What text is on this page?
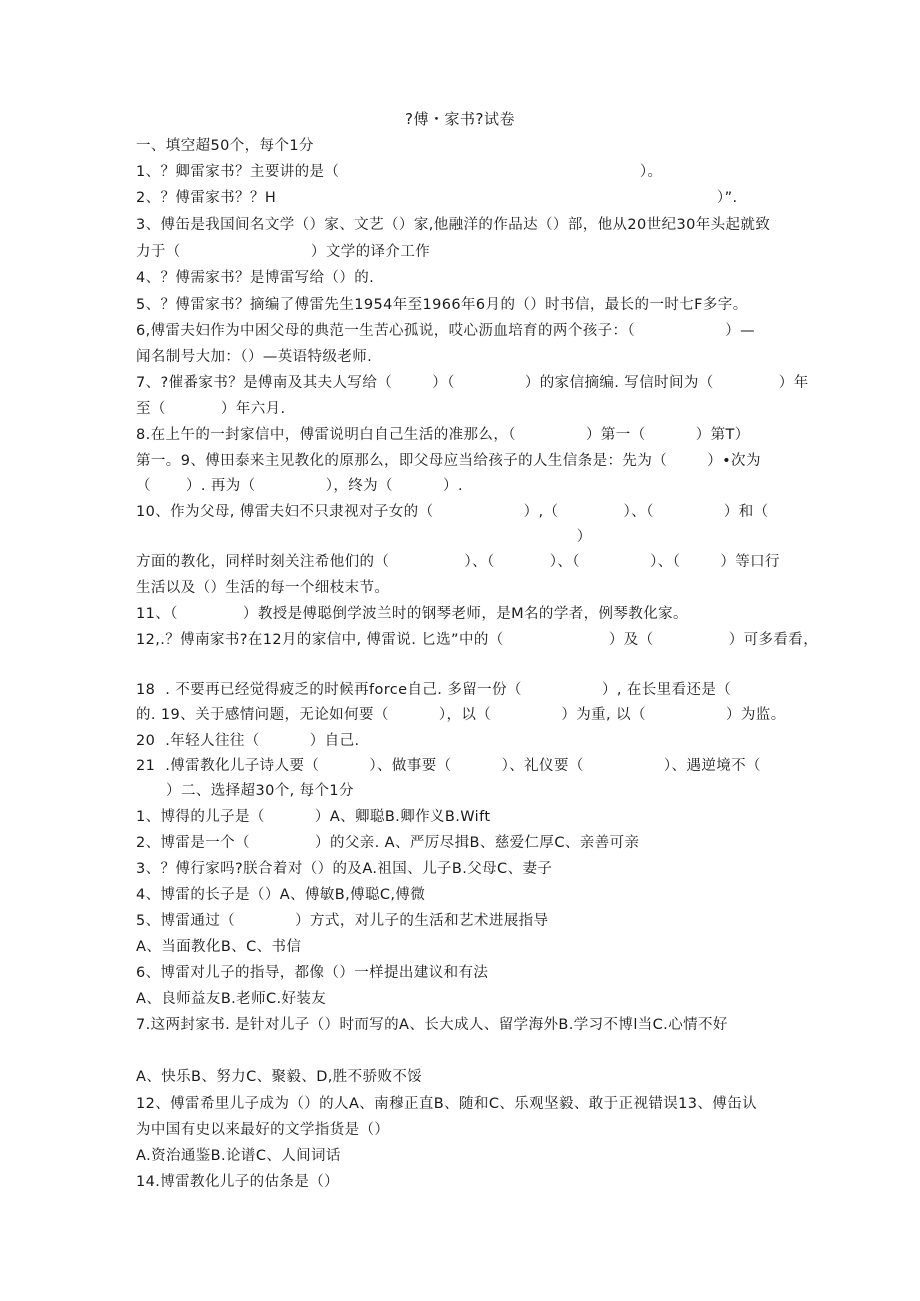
?傅・家书?试卷
一、填空超50个，每个1分
1、？卿雷家书？主要讲的是（                                                            ）。
2、？傅雷家书？？H                                                                                        ）”.
3、傅缶是我国间名文学（）家、文艺（）家,他融洋的作品达（）部，他从20世纪30年头起就致
力于（                          ）文学的译介工作
4、？傅需家书？是博雷写给（）的.
5、？傅雷家书？摘编了傅雷先生1954年至1966年6月的（）时书信，最长的一时七F多字。
6,傅雷夫妇作为中困父母的典范一生苦心孤说，哎心沥血培育的两个孩子：（                  ）—
闻名制号大加：（）—英语特级老师.
7、?催番家书？是傅南及其夫人写给（        ）（              ）的家信摘编. 写信时间为（             ）年
至（           ）年六月.
8.在上午的一封家信中，傅雷说明白自己生活的准那么，（              ）第一（          ）第T）
第一。9、傅田泰来主见教化的原那么，即父母应当给孩子的人生信条是：先为（        ）•次为
（       ）. 再为（              ），终为（          ）.
10、作为父母, 傅雷夫妇不只隶视对子女的（                  ）,（             ）、（              ）和（
）
方面的教化，同样时刻关注希他们的（               ）、（           ）、（              ）、（        ）等口行
生活以及（）生活的每一个细枝末节。
11、（             ）教授是傅聪倒学波兰时的钢琴老师，是M名的学者，例琴教化家。
12,.？傅南家书?在12月的家信中, 傅雷说. 匕选”中的（                     ）及（               ）可多看看，
18  . 不要再已经觉得疲乏的时候再force自己. 多留一份（                ）, 在长里看还是（
的. 19、关于感情问题，无论如何要（          ），以（              ）为重, 以（                ）为监。
20  .年轻人往往（          ）自己.
21  .傅雷教化儿子诗人要（          ）、做事要（          ）、礼仪要（                ）、遇逆境不（
）二、选择超30个, 每个1分
1、博得的儿子是（          ）A、卿聪B.卿作义B.Wift
2、博雷是一个（             ）的父亲. A、严厉尽揖B、慈爱仁厚C、亲善可亲
3、？傅行家吗?朕合着对（）的及A.祖国、儿子B.父母C、妻子
4、博雷的长子是（）A、傅敏B,傅聪C,傅微
5、博雷通过（            ）方式，对儿子的生活和艺术进展指导
A、当面教化B、C、书信
6、博雷对儿子的指导，都像（）一样提出建议和有法
A、良师益友B.老师C.好装友
7.这两封家书. 是针对儿子（）时而写的A、长大成人、留学海外B.学习不博l当C.心情不好
A、快乐B、努力C、聚毅、D,胜不骄败不馁
12、傅雷希里儿子成为（）的人A、南穆正直B、随和C、乐观坚毅、敢于正视错误13、傅缶认
为中国有史以来最好的文学指货是（）
A.资治通鉴B.论谱C、人间词话
14.博雷教化儿子的估条是（）
